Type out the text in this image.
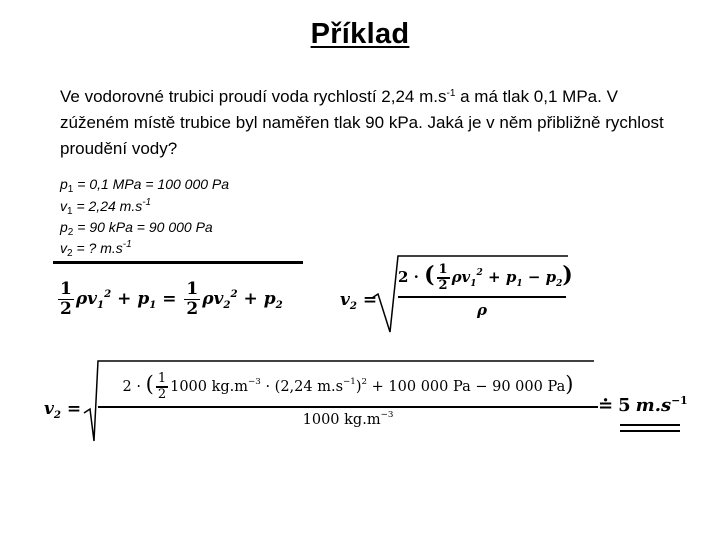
Příklad
Ve vodorovné trubici proudí voda rychlostí 2,24 $m.s^{-1}$ a má tlak 0,1 MPa. V zúženém místě trubice byl naměřen tlak 90 kPa. Jaká je v něm přibližně rychlost proudění vody?
$p_1 = 0,1$ MPa = 100 000 Pa
$v_1 = 2,24$ $m.s^{-1}$
$p_2 = 90$ kPa = 90 000 Pa
$v_2$ = ? $m.s^{-1}$
$\frac{1}{2} \rho v_1^2 + p_1 = \frac{1}{2} \rho v_2^2 + p_2$	$v_2$ =
2 · ( $\frac{1}{2} \rho v_1^2 + p_1 - p_2$)
ρ
$v_2$ =
2 · ( $\frac{1}{2} 1000$ $kg.m^{-3} \cdot (2,24$ $m.s^{-1})^2 + 100$ 000 Pa − 90 000 Pa)
1000 $kg.m^{-3}$	≐ 5 $m.s^{-1}$
